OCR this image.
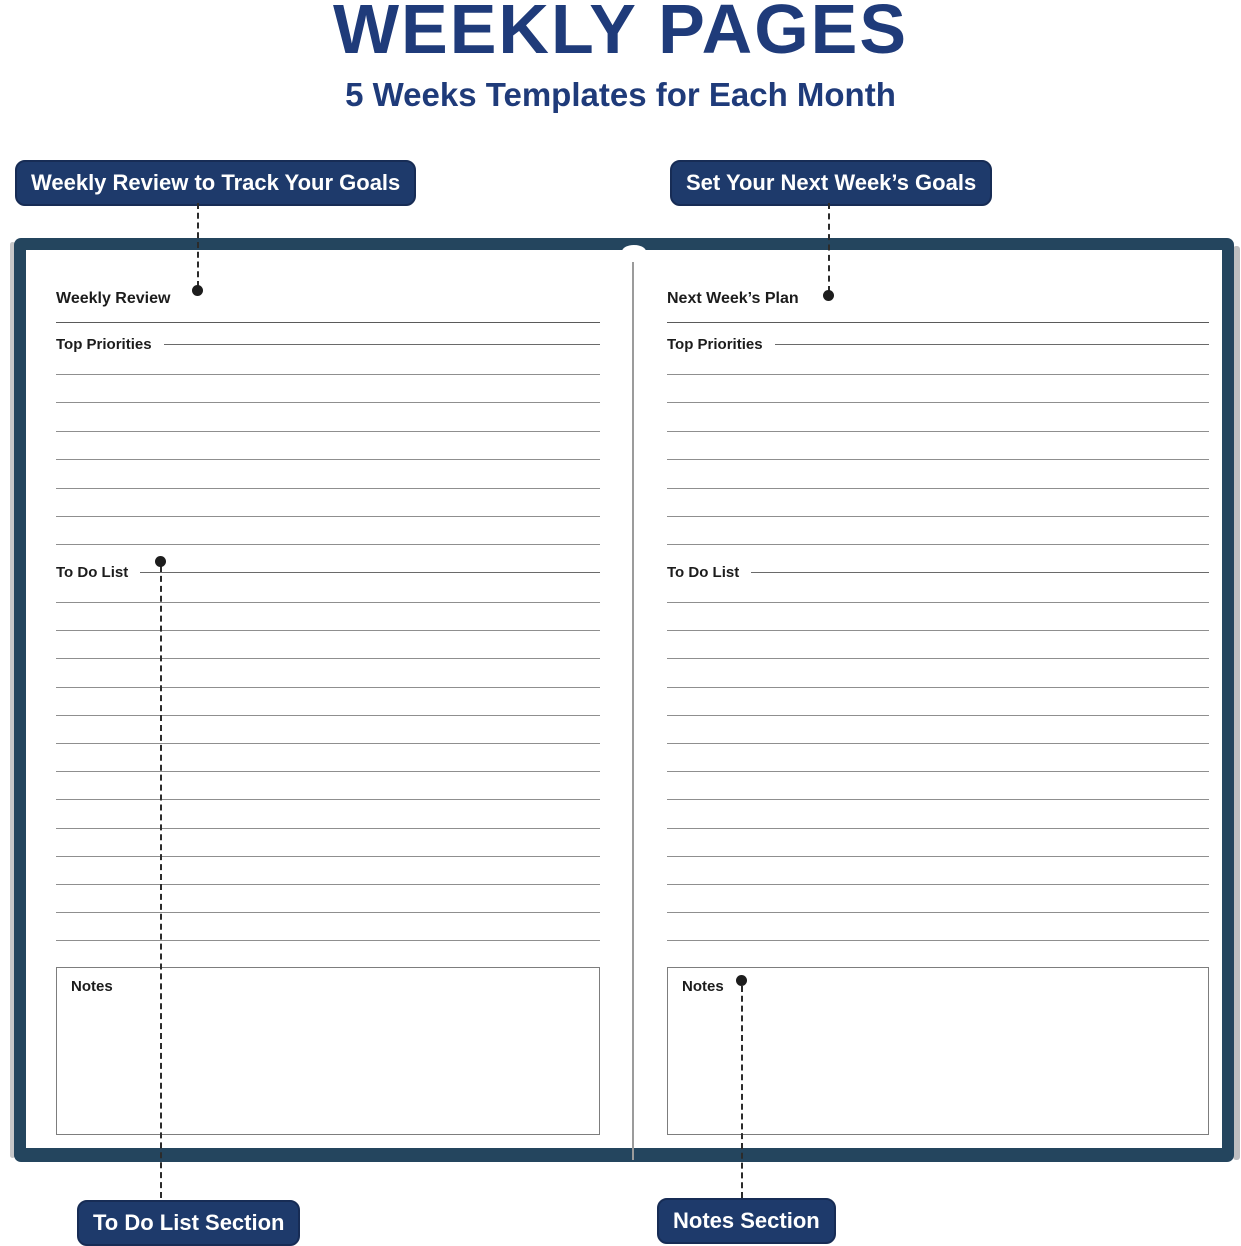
WEEKLY PAGES
5 Weeks Templates for Each Month
Weekly Review to Track Your Goals	Set Your Next Week’s Goals
To Do List Section	Notes Section
Weekly Review
Top Priorities
To Do List
Notes
Next Week’s Plan
Top Priorities
To Do List
Notes
